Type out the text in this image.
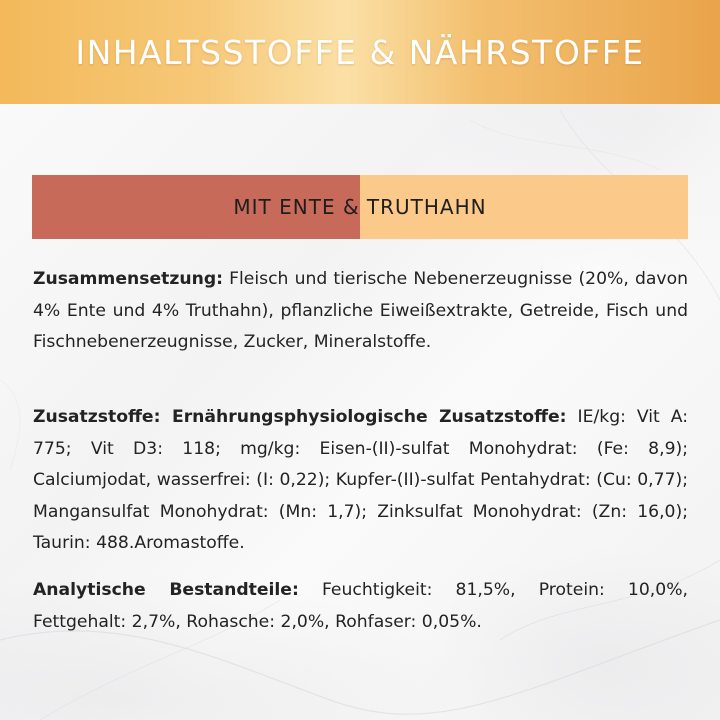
INHALTSSTOFFE & NÄHRSTOFFE
MIT ENTE & TRUTHAHN
Zusammensetzung: Fleisch und tierische Nebenerzeugnisse (20%, davon 4% Ente und 4% Truthahn), pflanzliche Eiweißextrakte, Getreide, Fisch und Fischnebenerzeugnisse, Zucker, Mineralstoffe.
Zusatzstoffe: Ernährungsphysiologische Zusatzstoffe: IE/kg: Vit A: 775; Vit D3: 118; mg/kg: Eisen-(II)-sulfat Monohydrat: (Fe: 8,9); Calciumjodat, wasserfrei: (I: 0,22); Kupfer-(II)-sulfat Pentahydrat: (Cu: 0,77); Mangansulfat Monohydrat: (Mn: 1,7); Zinksulfat Monohydrat: (Zn: 16,0); Taurin: 488.Aromastoffe.
Analytische Bestandteile: Feuchtigkeit: 81,5%, Protein: 10,0%, Fettgehalt: 2,7%, Rohasche: 2,0%, Rohfaser: 0,05%.
